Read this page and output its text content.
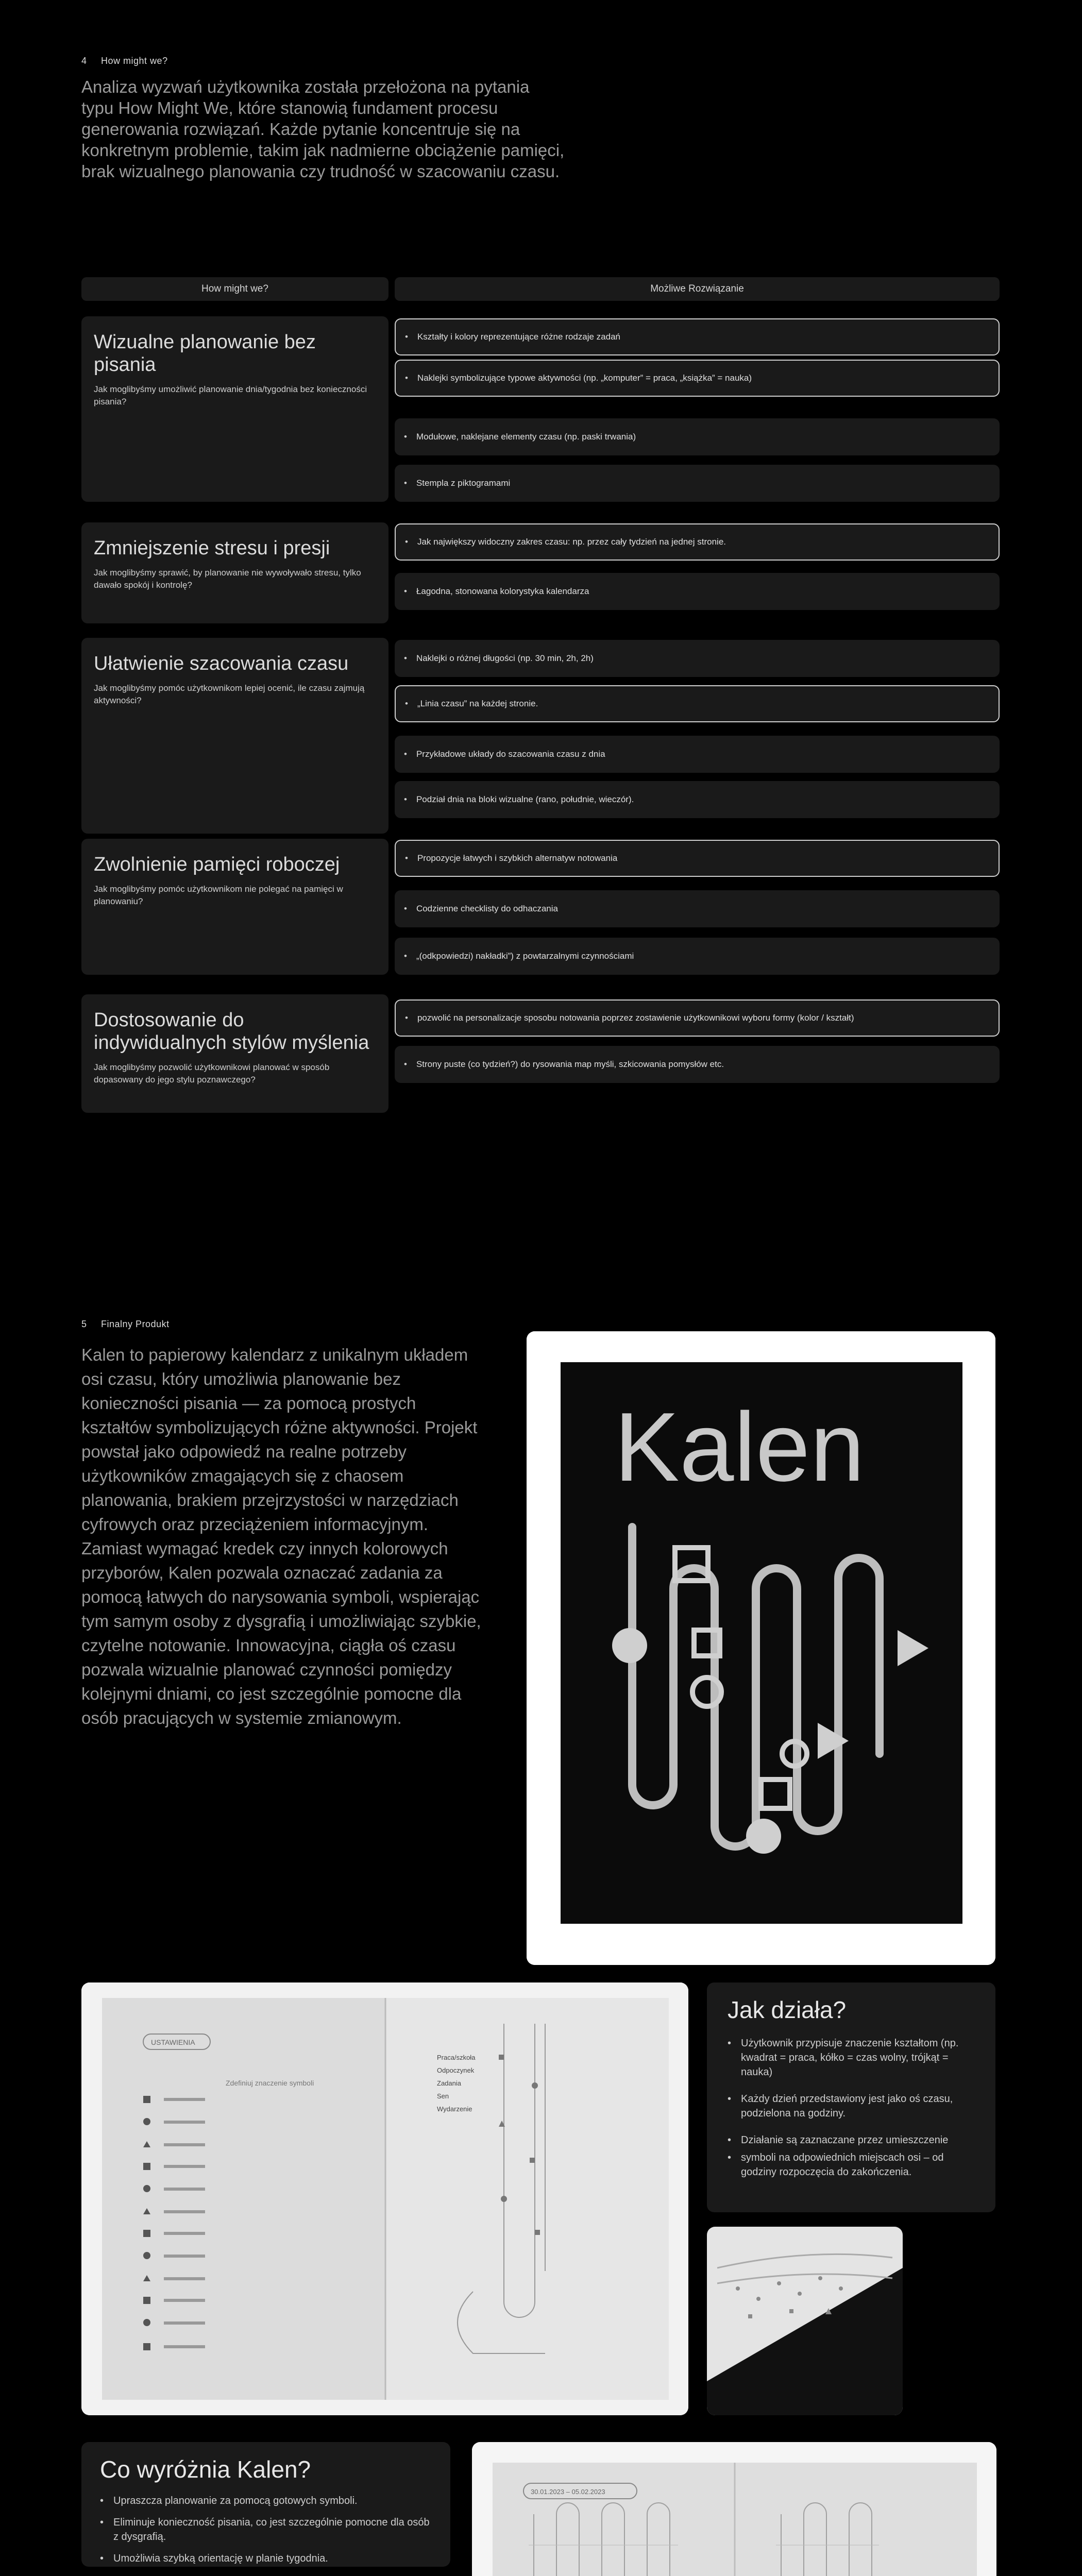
4 How might we?

Analiza wyzwań użytkownika została przełożona na pytania typu How Might We, które stanowią fundament procesu generowania rozwiązań. Każde pytanie koncentruje się na konkretnym problemie, takim jak nadmierne obciążenie pamięci, brak wizualnego planowania czy trudność w szacowaniu czasu.

How might we?	Możliwe Rozwiązanie
Wizualne planowanie bez pisania
Jak moglibyśmy umożliwić planowanie dnia/tygodnia bez konieczności pisania?
• Kształty i kolory reprezentujące różne rodzaje zadań
• Naklejki symbolizujące typowe aktywności (np. „komputer” = praca, „książka” = nauka)
• Modułowe, naklejane elementy czasu (np. paski trwania)
• Stempla z piktogramami
Zmniejszenie stresu i presji
Jak moglibyśmy sprawić, by planowanie nie wywoływało stresu, tylko dawało spokój i kontrolę?
• Jak największy widoczny zakres czasu: np. przez cały tydzień na jednej stronie.
• Łagodna, stonowana kolorystyka kalendarza
Ułatwienie szacowania czasu
Jak moglibyśmy pomóc użytkownikom lepiej ocenić, ile czasu zajmują aktywności?
• Naklejki o różnej długości (np. 30 min, 2h, 2h)
• „Linia czasu” na każdej stronie.
• Przykładowe układy do szacowania czasu z dnia
• Podział dnia na bloki wizualne (rano, południe, wieczór).
Zwolnienie pamięci roboczej
Jak moglibyśmy pomóc użytkownikom nie polegać na pamięci w planowaniu?
• Propozycje łatwych i szybkich alternatyw notowania
• Codzienne checklisty do odhaczania
• „(odkpowiedzi) nakładki”) z powtarzalnymi czynnościami
Dostosowanie do indywidualnych stylów myślenia
Jak moglibyśmy pozwolić użytkownikowi planować w sposób dopasowany do jego stylu poznawczego?
• pozwolić na personalizacje sposobu notowania poprzez zostawienie użytkownikowi wyboru formy (kolor / kształt)
• Strony puste (co tydzień?) do rysowania map myśli, szkicowania pomysłów etc.
5 Finalny Produkt

Kalen to papierowy kalendarz z unikalnym układem osi czasu, który umożliwia planowanie bez konieczności pisania — za pomocą prostych kształtów symbolizujących różne aktywności. Projekt powstał jako odpowiedź na realne potrzeby użytkowników zmagających się z chaosem planowania, brakiem przejrzystości w narzędziach cyfrowych oraz przeciążeniem informacyjnym. Zamiast wymagać kredek czy innych kolorowych przyborów, Kalen pozwala oznaczać zadania za pomocą łatwych do narysowania symboli, wspierając tym samym osoby z dysgrafią i umożliwiając szybkie, czytelne notowanie. Innowacyjna, ciągła oś czasu pozwala wizualnie planować czynności pomiędzy kolejnymi dniami, co jest szczególnie pomocne dla osób pracujących w systemie zmianowym.

Kalen
USTAWIENIA
Zdefiniuj znaczenie symboli
Praca/szkoła
Odpoczynek
Zadania
Sen
Wydarzenie
Jak działa?
• Użytkownik przypisuje znaczenie kształtom (np. kwadrat = praca, kółko = czas wolny, trójkąt = nauka)
• Każdy dzień przedstawiony jest jako oś czasu, podzielona na godziny.
• Działanie są zaznaczane przez umieszczenie
• symboli na odpowiednich miejscach osi – od godziny rozpoczęcia do zakończenia.
Co wyróżnia Kalen?
• Upraszcza planowanie za pomocą gotowych symboli.
• Eliminuje konieczność pisania, co jest szczególnie pomocne dla osób z dysgrafią.
• Umożliwia szybką orientację w planie tygodnia.
30.01.2023 – 05.02.2023
